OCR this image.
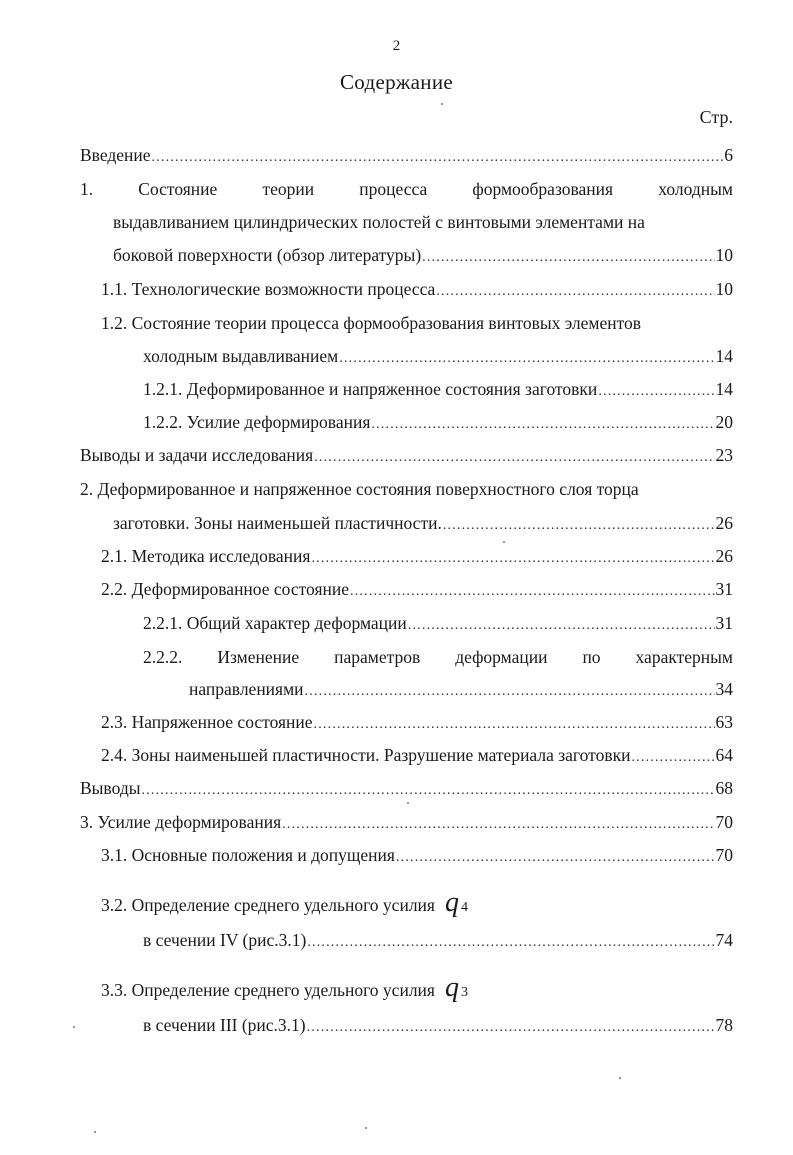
2
Содержание
Стр.
Введение .....	6
1.	Состояние	теории	процесса	формообразования	холодным
выдавливанием цилиндрических полостей с винтовыми элементами на
боковой поверхности (обзор литературы) .....	10
1.1. Технологические возможности процесса .....	10
1.2. Состояние теории процесса формообразования винтовых элементов
холодным выдавливанием .....	14
1.2.1. Деформированное и напряженное состояния заготовки .....	14
1.2.2. Усилие деформирования .....	20
Выводы и задачи исследования .....	23
2. Деформированное и напряженное состояния поверхностного слоя торца
заготовки. Зоны наименьшей пластичности. .....	26
2.1. Методика исследования .....	26
2.2. Деформированное состояние .....	31
2.2.1. Общий характер деформации .....	31
2.2.2. Изменение параметров деформации по характерным
направлениями .....	34
2.3. Напряженное состояние .....	63
2.4. Зоны наименьшей пластичности. Разрушение материала заготовки .....	64
Выводы .....	68
3. Усилие деформирования .....	70
3.1. Основные положения и допущения .....	70
3.2. Определение среднего удельного усилия q 4
в сечении IV (рис.3.1) .....	74
3.3. Определение среднего удельного усилия q 3
в сечении III (рис.3.1) .....	78
